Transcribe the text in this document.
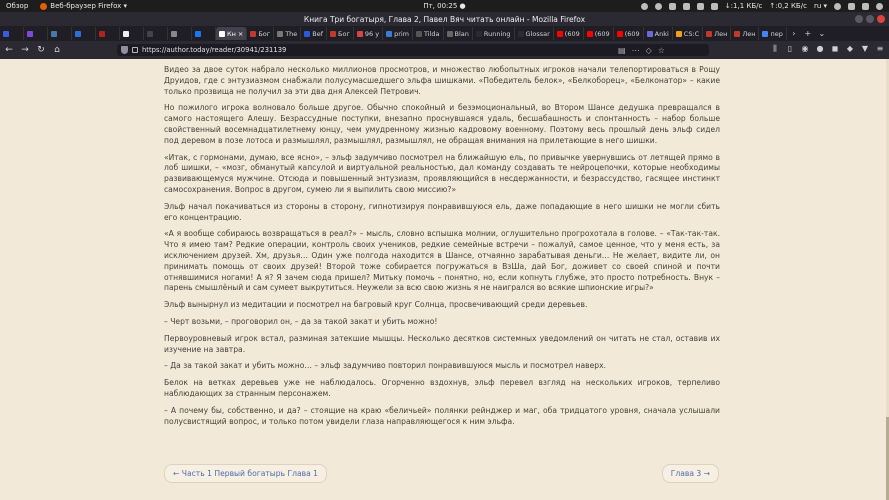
Обзор	Веб-браузер Firefox ▾	Пт, 00:25 ●	↓:1,1 КБ/с ↑:0,2 КБ/с ru ▾
Книга Три богатыря, Глава 2, Павел Вяч читать онлайн - Mozilla Firefox
Кн × Бог The Bef Бог 96 у prim Tilda Blan Running Glossar (609 (609 (609 Anki CS:C Лен Лен пер	›	+ ⌄
← → ↻	⌂
https://author.today/reader/30941/231139	▤ ⋯ ◇ ☆	⫼	▯	◉ ● ◼ ◆ ▼ ≡

Видео за двое суток набрало несколько миллионов просмотров, и множество любопытных игроков начали телепортироваться в Рощу Друидов, где с энтузиазмом снабжали полусумасшедшего эльфа шишками. «Победитель белок», «Белкоборец», «Белконатор» – какие только прозвища не получил за эти два дня Алексей Петрович.

Но пожилого игрока волновало больше другое. Обычно спокойный и безэмоциональный, во Втором Шансе дедушка превращался в самого настоящего Алешу. Безрассудные поступки, внезапно проснувшаяся удаль, бесшабашность и спонтанность – набор больше свойственный восемнадцатилетнему юнцу, чем умудренному жизнью кадровому военному. Поэтому весь прошлый день эльф сидел под деревом в позе лотоса и размышлял, размышлял, размышлял, не обращая внимания на прилетающие в него шишки.

«Итак, с гормонами, думаю, все ясно», – эльф задумчиво посмотрел на ближайшую ель, по привычке увернувшись от летящей прямо в лоб шишки, – «мозг, обманутый капсулой и виртуальной реальностью, дал команду создавать те нейроцепочки, которые необходимы развивающемуся мужчине. Отсюда и повышенный энтузиазм, проявляющийся в несдержанности, и безрассудство, гасящее инстинкт самосохранения. Вопрос в другом, сумею ли я выпилить свою миссию?»

Эльф начал покачиваться из стороны в сторону, гипнотизируя понравившуюся ель, даже попадающие в него шишки не могли сбить его концентрацию.

«А я вообще собираюсь возвращаться в реал?» – мысль, словно вспышка молнии, оглушительно прогрохотала в голове. – «Так-так-так. Что я имею там? Редкие операции, контроль своих учеников, редкие семейные встречи – пожалуй, самое ценное, что у меня есть, за исключением друзей. Хм, друзья… Один уже полгода находится в Шансе, отчаянно зарабатывая деньги… Не желает, видите ли, он принимать помощь от своих друзей! Второй тоже собирается погружаться в ВзШа, дай Бог, доживет со своей спиной и почти отнявшимися ногами! А я? Я зачем сюда пришел? Митьку помочь – понятно, но, если копнуть глубже, это просто потребность. Внук – парень смышлёный и сам сумеет выкрутиться. Неужели за всю свою жизнь я не наигрался во всякие шпионские игры?»

Эльф вынырнул из медитации и посмотрел на багровый круг Солнца, просвечивающий среди деревьев.

– Черт возьми, – проговорил он, – да за такой закат и убить можно!

Первоуровневый игрок встал, разминая затекшие мышцы. Несколько десятков системных уведомлений он читать не стал, оставив их изучение на завтра.

– Да за такой закат и убить можно… – эльф задумчиво повторил понравившуюся мысль и посмотрел наверх.

Белок на ветках деревьев уже не наблюдалось. Огорченно вздохнув, эльф перевел взгляд на нескольких игроков, терпеливо наблюдающих за странным персонажем.

– А почему бы, собственно, и да? – стоящие на краю «беличьей» полянки рейнджер и маг, оба тридцатого уровня, сначала услышали полусвистящий вопрос, и только потом увидели глаза направляющегося к ним эльфа.

← Часть 1 Первый богатырь Глава 1	Глава 3 →
